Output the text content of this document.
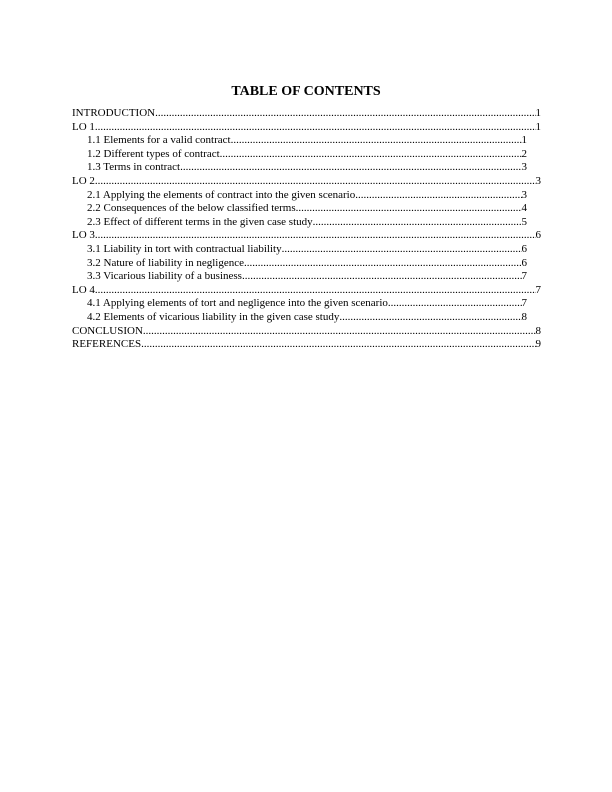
TABLE OF CONTENTS
INTRODUCTION .....	1
LO 1 .....	1
1.1 Elements for a valid contract .....	1
1.2 Different types of contract .....	2
1.3 Terms in contract .....	3
LO 2 .....	3
2.1 Applying the elements of contract into the given scenario .....	3
2.2 Consequences of the below classified terms .....	4
2.3 Effect of different terms in the given case study .....	5
LO 3 .....	6
3.1 Liability in tort with contractual liability .....	6
3.2 Nature of liability in negligence .....	6
3.3 Vicarious liability of a business .....	7
LO 4 .....	7
4.1 Applying elements of tort and negligence into the given scenario .....	7
4.2 Elements of vicarious liability in the given case study .....	8
CONCLUSION .....	8
REFERENCES .....	9
